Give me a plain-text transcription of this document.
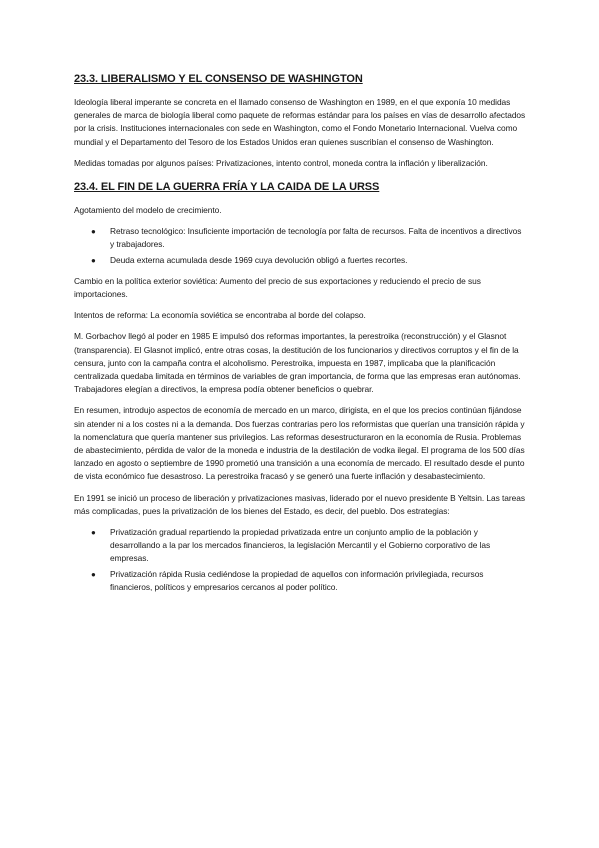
23.3. LIBERALISMO Y EL CONSENSO DE WASHINGTON

Ideología liberal imperante se concreta en el llamado consenso de Washington en 1989, en el que exponía 10 medidas generales de marca de biología liberal como paquete de reformas estándar para los países en vías de desarrollo afectados por la crisis. Instituciones internacionales con sede en Washington, como el Fondo Monetario Internacional. Vuelva como mundial y el Departamento del Tesoro de los Estados Unidos eran quienes suscribían el consenso de Washington.

Medidas tomadas por algunos países: Privatizaciones, intento control, moneda contra la inflación y liberalización.

23.4. EL FIN DE LA GUERRA FRÍA Y LA CAIDA DE LA URSS

Agotamiento del modelo de crecimiento.

● Retraso tecnológico: Insuficiente importación de tecnología por falta de recursos. Falta de incentivos a directivos y trabajadores.
● Deuda externa acumulada desde 1969 cuya devolución obligó a fuertes recortes.

Cambio en la política exterior soviética: Aumento del precio de sus exportaciones y reduciendo el precio de sus importaciones.

Intentos de reforma: La economía soviética se encontraba al borde del colapso.

M. Gorbachov llegó al poder en 1985 E impulsó dos reformas importantes, la perestroika (reconstrucción) y el Glasnot (transparencia). El Glasnot implicó, entre otras cosas, la destitución de los funcionarios y directivos corruptos y el fin de la censura, junto con la campaña contra el alcoholismo. Perestroika, impuesta en 1987, implicaba que la planificación centralizada quedaba limitada en términos de variables de gran importancia, de forma que las empresas eran autónomas. Trabajadores elegían a directivos, la empresa podía obtener beneficios o quebrar.

En resumen, introdujo aspectos de economía de mercado en un marco, dirigista, en el que los precios continúan fijándose sin atender ni a los costes ni a la demanda. Dos fuerzas contrarias pero los reformistas que querían una transición rápida y la nomenclatura que quería mantener sus privilegios. Las reformas desestructuraron en la economía de Rusia. Problemas de abastecimiento, pérdida de valor de la moneda e industria de la destilación de vodka ilegal. El programa de los 500 días lanzado en agosto o septiembre de 1990 prometió una transición a una economía de mercado. El resultado desde el punto de vista económico fue desastroso. La perestroika fracasó y se generó una fuerte inflación y desabastecimiento.

En 1991 se inició un proceso de liberación y privatizaciones masivas, liderado por el nuevo presidente B Yeltsin. Las tareas más complicadas, pues la privatización de los bienes del Estado, es decir, del pueblo. Dos estrategias:

● Privatización gradual repartiendo la propiedad privatizada entre un conjunto amplio de la población y desarrollando a la par los mercados financieros, la legislación Mercantil y el Gobierno corporativo de las empresas.
● Privatización rápida Rusia cediéndose la propiedad de aquellos con información privilegiada, recursos financieros, políticos y empresarios cercanos al poder político.
